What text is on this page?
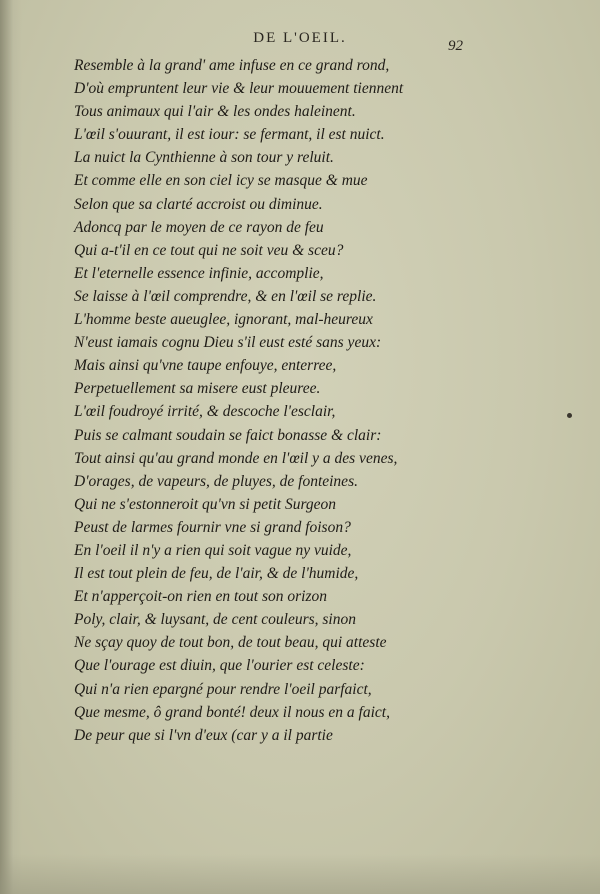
DE L'OEIL.	92
Resemble à la grand' ame infuse en ce grand rond,
D'où empruntent leur vie & leur mouuement tiennent
Tous animaux qui l'air & les ondes haleinent.
L'œil s'ouurant, il est iour: se fermant, il est nuict.
La nuict la Cynthienne à son tour y reluit.
Et comme elle en son ciel icy se masque & mue
Selon que sa clarté accroist ou diminue.
Adoncq par le moyen de ce rayon de feu
Qui a-t'il en ce tout qui ne soit veu & sceu?
Et l'eternelle essence infinie, accomplie,
Se laisse à l'œil comprendre, & en l'œil se replie.
L'homme beste aueuglee, ignorant, mal-heureux
N'eust iamais cognu Dieu s'il eust esté sans yeux:
Mais ainsi qu'vne taupe enfouye, enterree,
Perpetuellement sa misere eust pleuree.
L'œil foudroyé irrité, & descoche l'esclair,
Puis se calmant soudain se faict bonasse & clair:
Tout ainsi qu'au grand monde en l'œil y a des venes,
D'orages, de vapeurs, de pluyes, de fonteines.
Qui ne s'estonneroit qu'vn si petit Surgeon
Peust de larmes fournir vne si grand foison?
En l'oeil il n'y a rien qui soit vague ny vuide,
Il est tout plein de feu, de l'air, & de l'humide,
Et n'apperçoit-on rien en tout son orizon
Poly, clair, & luysant, de cent couleurs, sinon
Ne sçay quoy de tout bon, de tout beau, qui atteste
Que l'ourage est diuin, que l'ourier est celeste:
Qui n'a rien epargné pour rendre l'oeil parfaict,
Que mesme, ô grand bonté! deux il nous en a faict,
De peur que si l'vn d'eux (car y a il partie
